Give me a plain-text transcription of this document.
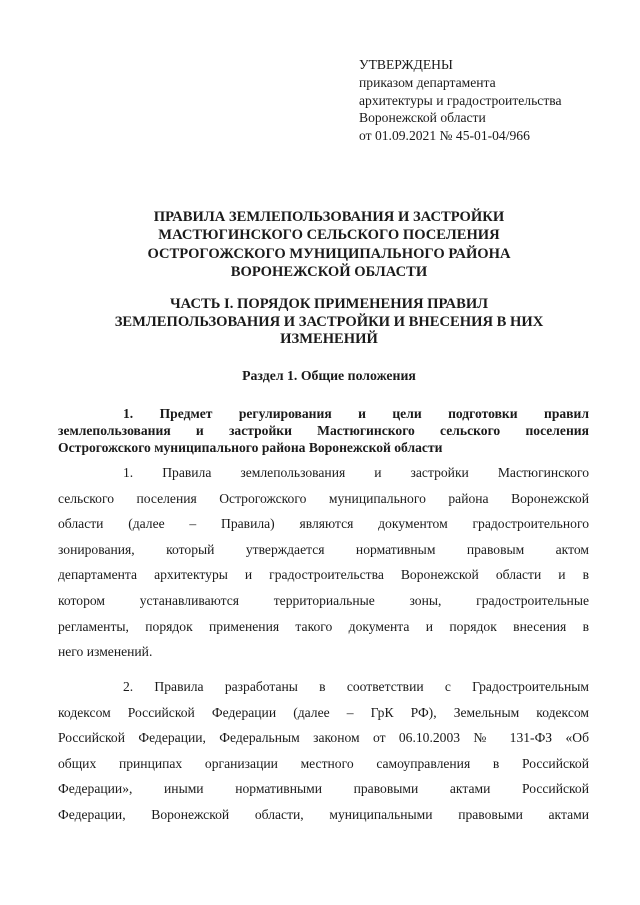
УТВЕРЖДЕНЫ
приказом департамента
архитектуры и градостроительства
Воронежской области
от 01.09.2021 № 45-01-04/966
ПРАВИЛА ЗЕМЛЕПОЛЬЗОВАНИЯ И ЗАСТРОЙКИ
МАСТЮГИНСКОГО СЕЛЬСКОГО ПОСЕЛЕНИЯ
ОСТРОГОЖСКОГО МУНИЦИПАЛЬНОГО РАЙОНА
ВОРОНЕЖСКОЙ ОБЛАСТИ
ЧАСТЬ I. ПОРЯДОК ПРИМЕНЕНИЯ ПРАВИЛ
ЗЕМЛЕПОЛЬЗОВАНИЯ И ЗАСТРОЙКИ И ВНЕСЕНИЯ В НИХ
ИЗМЕНЕНИЙ
Раздел 1. Общие положения
1. Предмет регулирования и цели подготовки правил
землепользования и застройки Мастюгинского сельского поселения
Острогожского муниципального района Воронежской области
1. Правила землепользования и застройки Мастюгинского
сельского поселения Острогожского муниципального района Воронежской
области (далее – Правила) являются документом градостроительного
зонирования, который утверждается нормативным правовым актом
департамента архитектуры и градостроительства Воронежской области и в
котором устанавливаются территориальные зоны, градостроительные
регламенты, порядок применения такого документа и порядок внесения в
него изменений.
2. Правила разработаны в соответствии с Градостроительным
кодексом Российской Федерации (далее – ГрК РФ), Земельным кодексом
Российской Федерации, Федеральным законом от 06.10.2003 № 131-ФЗ «Об
общих принципах организации местного самоуправления в Российской
Федерации», иными нормативными правовыми актами Российской
Федерации, Воронежской области, муниципальными правовыми актами
